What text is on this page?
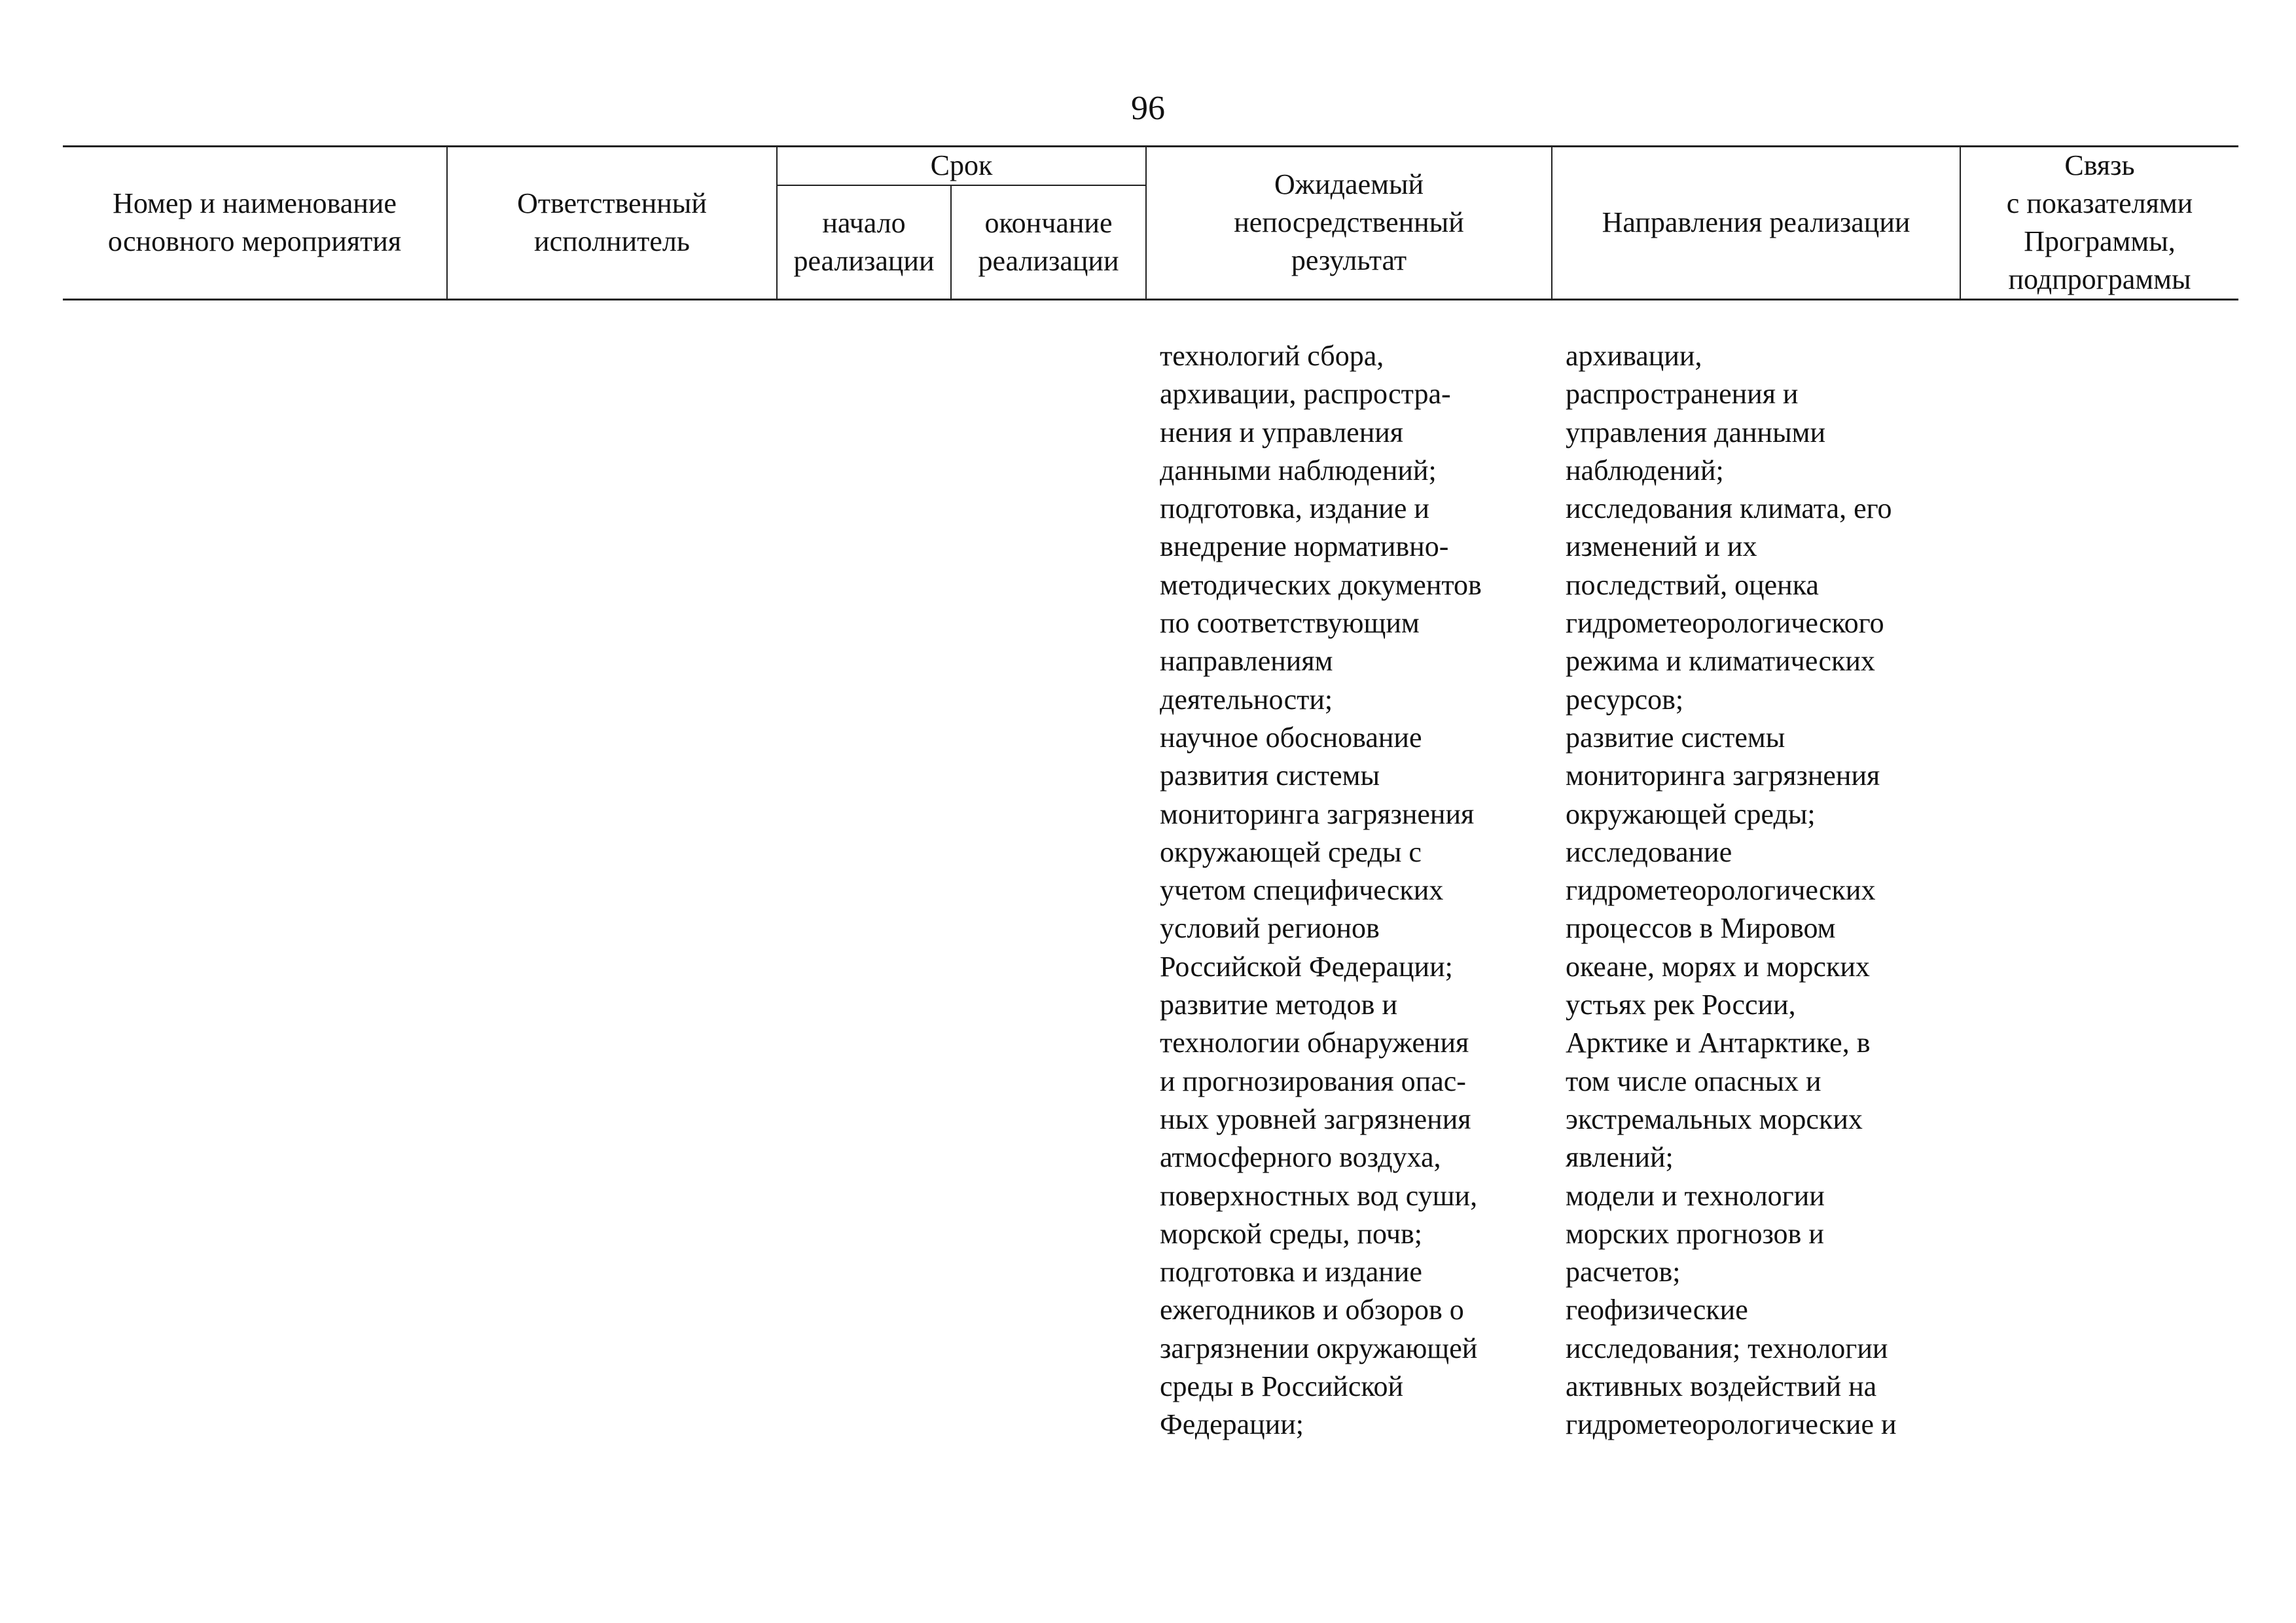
96
Номер и наименование
основного мероприятия
Ответственный
исполнитель
Срок
начало
реализации
окончание
реализации
Ожидаемый
непосредственный
результат
Направления реализации
Связь
с показателями
Программы,
подпрограммы
технологий сбора,
архивации, распростра-
нения и управления
данными наблюдений;
подготовка, издание и
внедрение нормативно-
методических документов
по соответствующим
направлениям
деятельности;
научное обоснование
развития системы
мониторинга загрязнения
окружающей среды с
учетом специфических
условий регионов
Российской Федерации;
развитие методов и
технологии обнаружения
и прогнозирования опас-
ных уровней загрязнения
атмосферного воздуха,
поверхностных вод суши,
морской среды, почв;
подготовка и издание
ежегодников и обзоров о
загрязнении окружающей
среды в Российской
Федерации;
архивации,
распространения и
управления данными
наблюдений;
исследования климата, его
изменений и их
последствий, оценка
гидрометеорологического
режима и климатических
ресурсов;
развитие системы
мониторинга загрязнения
окружающей среды;
исследование
гидрометеорологических
процессов в Мировом
океане, морях и морских
устьях рек России,
Арктике и Антарктике, в
том числе опасных и
экстремальных морских
явлений;
модели и технологии
морских прогнозов и
расчетов;
геофизические
исследования; технологии
активных воздействий на
гидрометеорологические и
